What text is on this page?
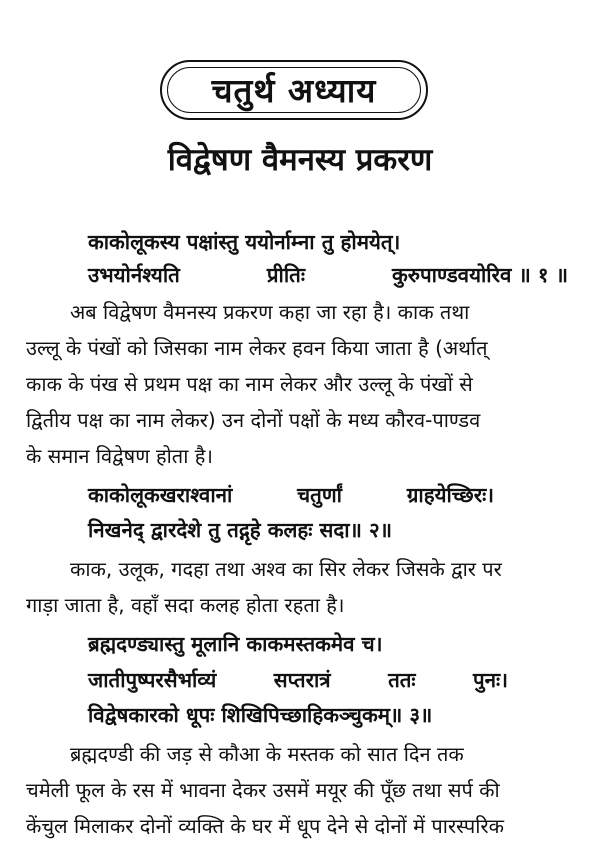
चतुर्थ अध्याय
विद्वेषण वैमनस्य प्रकरण
काकोलूकस्य पक्षांस्तु ययोर्नाम्ना तु होमयेत्।
उभयोर्नश्यति	प्रीतिः	कुरुपाण्डवयोरिव ॥ १ ॥
अब विद्वेषण वैमनस्य प्रकरण कहा जा रहा है। काक तथा
उल्लू के पंखों को जिसका नाम लेकर हवन किया जाता है (अर्थात्
काक के पंख से प्रथम पक्ष का नाम लेकर और उल्लू के पंखों से
द्वितीय पक्ष का नाम लेकर) उन दोनों पक्षों के मध्य कौरव-पाण्डव
के समान विद्वेषण होता है।
काकोलूकखराश्वानां	चतुर्णां	ग्राहयेच्छिरः।
निखनेद् द्वारदेशे तु तद्गृहे कलहः सदा॥ २॥
काक, उलूक, गदहा तथा अश्व का सिर लेकर जिसके द्वार पर
गाड़ा जाता है, वहाँ सदा कलह होता रहता है।
ब्रह्मदण्ड्यास्तु मूलानि काकमस्तकमेव च।
जातीपुष्परसैर्भाव्यं	सप्तरात्रं	ततः	पुनः।
विद्वेषकारको धूपः शिखिपिच्छाहिकञ्चुकम्॥ ३॥
ब्रह्मदण्डी की जड़ से कौआ के मस्तक को सात दिन तक
चमेली फूल के रस में भावना देकर उसमें मयूर की पूँछ तथा सर्प की
केंचुल मिलाकर दोनों व्यक्ति के घर में धूप देने से दोनों में पारस्परिक
